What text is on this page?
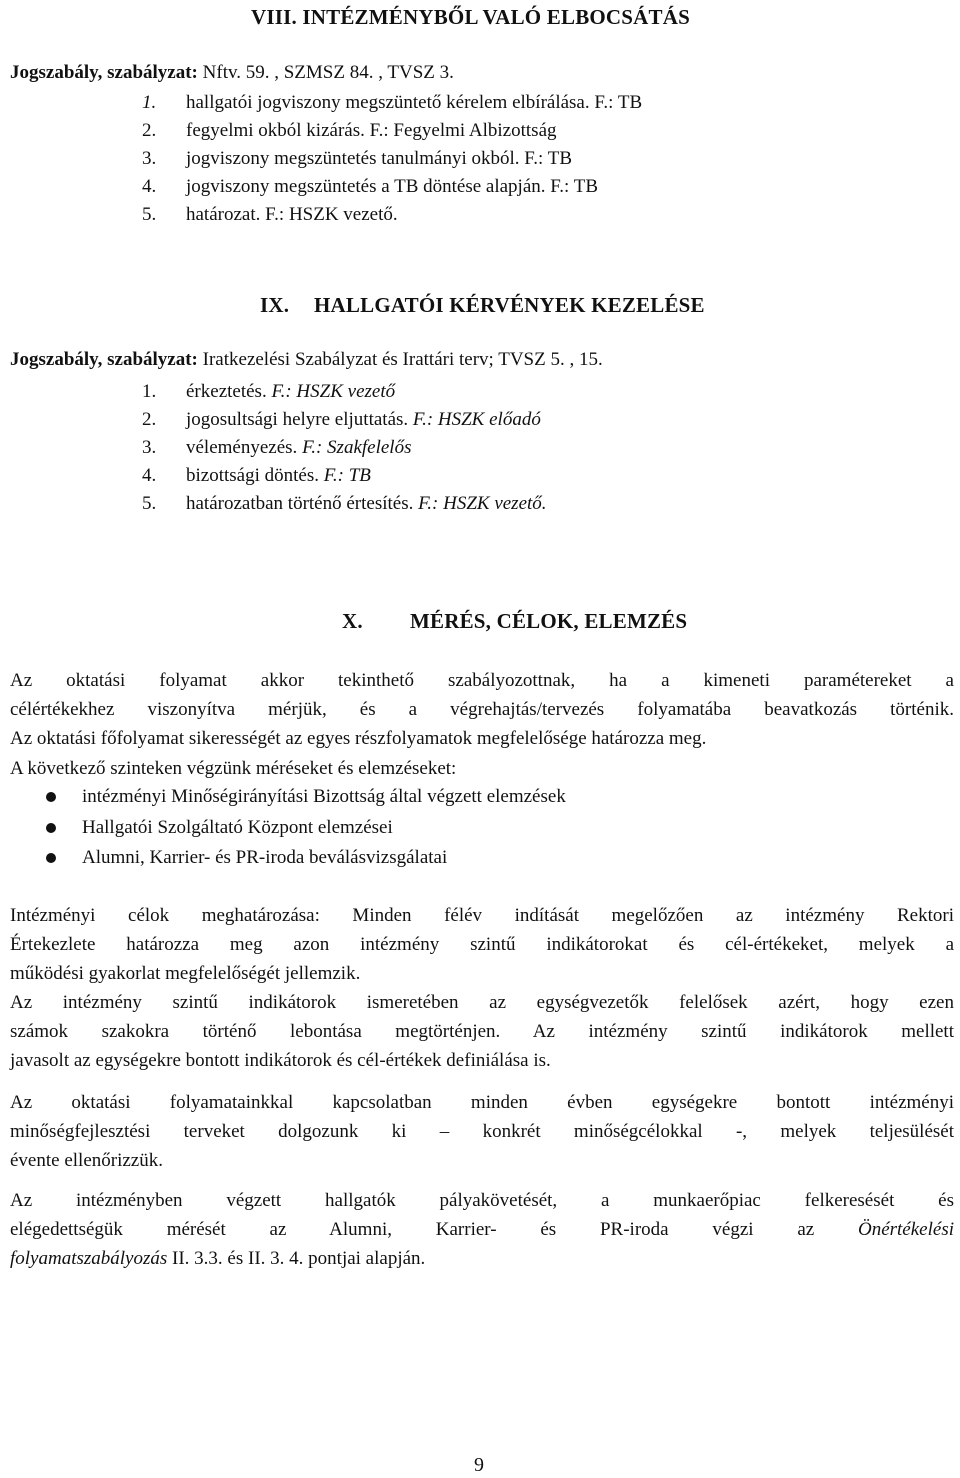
VIII. INTÉZMÉNYBŐL VALÓ ELBOCSÁTÁS
Jogszabály, szabályzat: Nftv. 59. , SZMSZ 84. , TVSZ 3.
1. hallgatói jogviszony megszüntető kérelem elbírálása. F.: TB
2. fegyelmi okból kizárás. F.: Fegyelmi Albizottság
3. jogviszony megszüntetés tanulmányi okból. F.: TB
4. jogviszony megszüntetés a TB döntése alapján. F.: TB
5. határozat. F.: HSZK vezető.
IX. HALLGATÓI KÉRVÉNYEK KEZELÉSE
Jogszabály, szabályzat: Iratkezelési Szabályzat és Irattári terv; TVSZ 5. , 15.
1. érkeztetés. F.: HSZK vezető
2. jogosultsági helyre eljuttatás. F.: HSZK előadó
3. véleményezés. F.: Szakfelelős
4. bizottsági döntés. F.: TB
5. határozatban történő értesítés. F.: HSZK vezető.
X. MÉRÉS, CÉLOK, ELEMZÉS
Az oktatási folyamat akkor tekinthető szabályozottnak, ha a kimeneti paramétereket a
célértékekhez viszonyítva mérjük, és a végrehajtás/tervezés folyamatába beavatkozás történik.
Az oktatási főfolyamat sikerességét az egyes részfolyamatok megfelelősége határozza meg.
A következő szinteken végzünk méréseket és elemzéseket:
intézményi Minőségirányítási Bizottság által végzett elemzések
Hallgatói Szolgáltató Központ elemzései
Alumni, Karrier- és PR-iroda beválásvizsgálatai
Intézményi célok meghatározása: Minden félév indítását megelőzően az intézmény Rektori
Értekezlete határozza meg azon intézmény szintű indikátorokat és cél-értékeket, melyek a
működési gyakorlat megfelelőségét jellemzik.
Az intézmény szintű indikátorok ismeretében az egységvezetők felelősek azért, hogy ezen
számok szakokra történő lebontása megtörténjen. Az intézmény szintű indikátorok mellett
javasolt az egységekre bontott indikátorok és cél-értékek definiálása is.
Az oktatási folyamatainkkal kapcsolatban minden évben egységekre bontott intézményi
minőségfejlesztési terveket dolgozunk ki – konkrét minőségcélokkal -, melyek teljesülését
évente ellenőrizzük.
Az intézményben végzett hallgatók pályakövetését, a munkaerőpiac felkeresését és
elégedettségük mérését az Alumni, Karrier- és PR-iroda végzi az Önértékelési
folyamatszabályozás II. 3.3. és II. 3. 4. pontjai alapján.
9
